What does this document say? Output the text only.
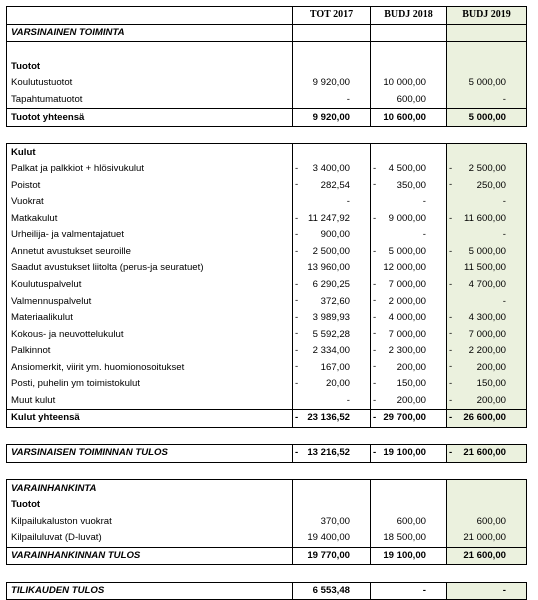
	TOT 2017	BUDJ 2018	BUDJ 2019
VARSINAINEN TOIMINTA			

Tuotot			
Koulutustuotot	9 920,00	10 000,00	5 000,00
Tapahtumatuotot	-	600,00	-
Tuotot yhteensä	9 920,00	10 600,00	5 000,00

Kulut			
Palkat ja palkkiot + hlösivukulut	- 3 400,00	- 4 500,00	- 2 500,00
Poistot	- 282,54	- 350,00	- 250,00
Vuokrat	-	-	-
Matkakulut	- 11 247,92	- 9 000,00	- 11 600,00
Urheilija- ja valmentajatuet	- 900,00	-	-
Annetut avustukset seuroille	- 2 500,00	- 5 000,00	- 5 000,00
Saadut avustukset liitolta (perus-ja seuratuet)	13 960,00	12 000,00	11 500,00
Koulutuspalvelut	- 6 290,25	- 7 000,00	- 4 700,00
Valmennuspalvelut	- 372,60	- 2 000,00	-
Materiaalikulut	- 3 989,93	- 4 000,00	- 4 300,00
Kokous- ja neuvottelukulut	- 5 592,28	- 7 000,00	- 7 000,00
Palkinnot	- 2 334,00	- 2 300,00	- 2 200,00
Ansiomerkit, viirit ym. huomionosoitukset	- 167,00	- 200,00	- 200,00
Posti, puhelin ym toimistokulut	- 20,00	- 150,00	- 150,00
Muut kulut	-	- 200,00	- 200,00
Kulut yhteensä	- 23 136,52	- 29 700,00	- 26 600,00

VARSINAISEN TOIMINNAN TULOS	- 13 216,52	- 19 100,00	- 21 600,00

VARAINHANKINTA			
Tuotot			
Kilpailukaluston vuokrat	370,00	600,00	600,00
Kilpailuluvat (D-luvat)	19 400,00	18 500,00	21 000,00
VARAINHANKINNAN TULOS	19 770,00	19 100,00	21 600,00

TILIKAUDEN TULOS	6 553,48	-	-
